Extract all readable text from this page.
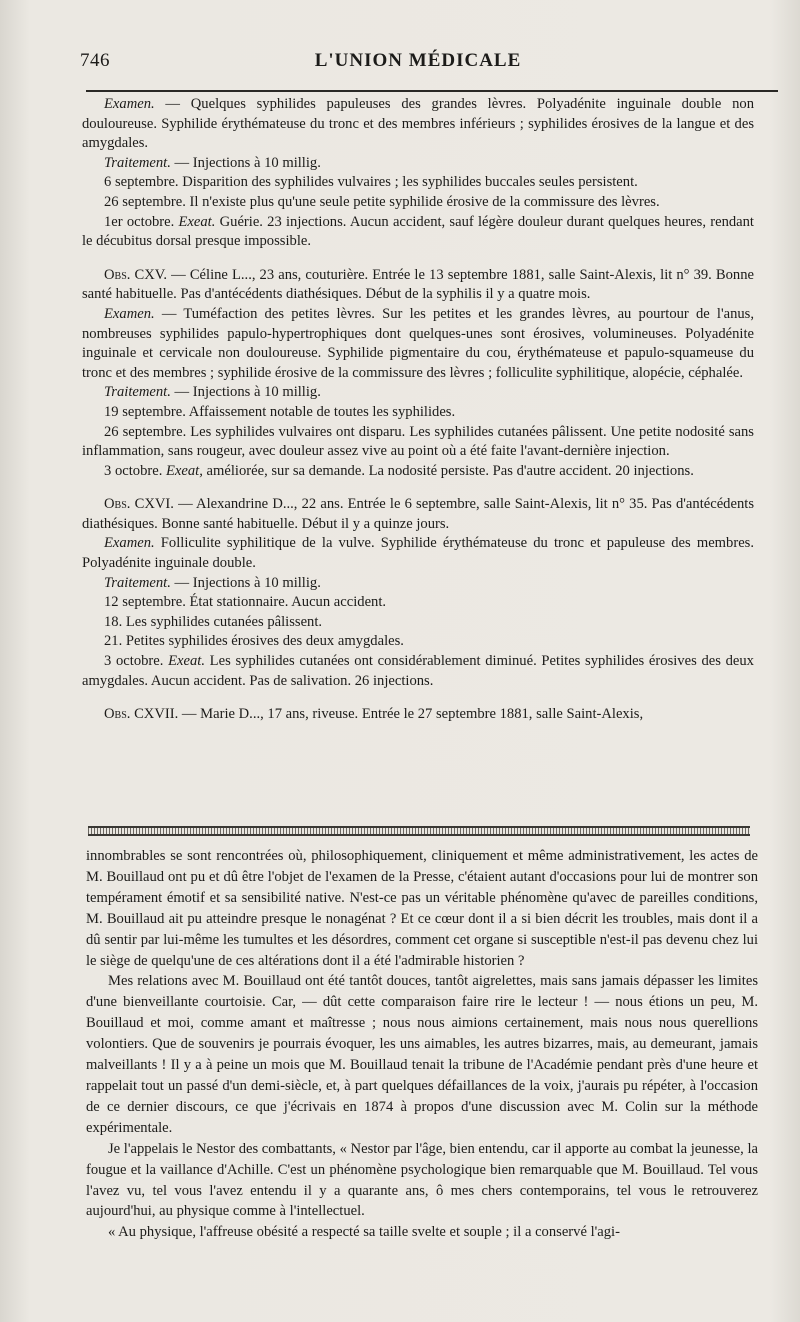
746	L'UNION MÉDICALE

Examen. — Quelques syphilides papuleuses des grandes lèvres. Polyadénite inguinale double non douloureuse. Syphilide érythémateuse du tronc et des membres inférieurs ; syphilides érosives de la langue et des amygdales.

Traitement. — Injections à 10 millig.

6 septembre. Disparition des syphilides vulvaires ; les syphilides buccales seules persistent.

26 septembre. Il n'existe plus qu'une seule petite syphilide érosive de la commissure des lèvres.

1er octobre. Exeat. Guérie. 23 injections. Aucun accident, sauf légère douleur durant quelques heures, rendant le décubitus dorsal presque impossible.

Obs. CXV. — Céline L..., 23 ans, couturière. Entrée le 13 septembre 1881, salle Saint-Alexis, lit n° 39. Bonne santé habituelle. Pas d'antécédents diathésiques. Début de la syphilis il y a quatre mois.

Examen. — Tuméfaction des petites lèvres. Sur les petites et les grandes lèvres, au pourtour de l'anus, nombreuses syphilides papulo-hypertrophiques dont quelques-unes sont érosives, volumineuses. Polyadénite inguinale et cervicale non douloureuse. Syphilide pigmentaire du cou, érythémateuse et papulo-squameuse du tronc et des membres ; syphilide érosive de la commissure des lèvres ; folliculite syphilitique, alopécie, céphalée.

Traitement. — Injections à 10 millig.

19 septembre. Affaissement notable de toutes les syphilides.

26 septembre. Les syphilides vulvaires ont disparu. Les syphilides cutanées pâlissent. Une petite nodosité sans inflammation, sans rougeur, avec douleur assez vive au point où a été faite l'avant-dernière injection.

3 octobre. Exeat, améliorée, sur sa demande. La nodosité persiste. Pas d'autre accident. 20 injections.

Obs. CXVI. — Alexandrine D..., 22 ans. Entrée le 6 septembre, salle Saint-Alexis, lit n° 35. Pas d'antécédents diathésiques. Bonne santé habituelle. Début il y a quinze jours.

Examen. Folliculite syphilitique de la vulve. Syphilide érythémateuse du tronc et papuleuse des membres. Polyadénite inguinale double.

Traitement. — Injections à 10 millig.

12 septembre. État stationnaire. Aucun accident.

18. Les syphilides cutanées pâlissent.

21. Petites syphilides érosives des deux amygdales.

3 octobre. Exeat. Les syphilides cutanées ont considérablement diminué. Petites syphilides érosives des deux amygdales. Aucun accident. Pas de salivation. 26 injections.

Obs. CXVII. — Marie D..., 17 ans, riveuse. Entrée le 27 septembre 1881, salle Saint-Alexis,

innombrables se sont rencontrées où, philosophiquement, cliniquement et même administrativement, les actes de M. Bouillaud ont pu et dû être l'objet de l'examen de la Presse, c'étaient autant d'occasions pour lui de montrer son tempérament émotif et sa sensibilité native. N'est-ce pas un véritable phénomène qu'avec de pareilles conditions, M. Bouillaud ait pu atteindre presque le nonagénat ? Et ce cœur dont il a si bien décrit les troubles, mais dont il a dû sentir par lui-même les tumultes et les désordres, comment cet organe si susceptible n'est-il pas devenu chez lui le siège de quelqu'une de ces altérations dont il a été l'admirable historien ?

Mes relations avec M. Bouillaud ont été tantôt douces, tantôt aigrelettes, mais sans jamais dépasser les limites d'une bienveillante courtoisie. Car, — dût cette comparaison faire rire le lecteur ! — nous étions un peu, M. Bouillaud et moi, comme amant et maîtresse ; nous nous aimions certainement, mais nous nous querellions volontiers. Que de souvenirs je pourrais évoquer, les uns aimables, les autres bizarres, mais, au demeurant, jamais malveillants ! Il y a à peine un mois que M. Bouillaud tenait la tribune de l'Académie pendant près d'une heure et rappelait tout un passé d'un demi-siècle, et, à part quelques défaillances de la voix, j'aurais pu répéter, à l'occasion de ce dernier discours, ce que j'écrivais en 1874 à propos d'une discussion avec M. Colin sur la méthode expérimentale.

Je l'appelais le Nestor des combattants, « Nestor par l'âge, bien entendu, car il apporte au combat la jeunesse, la fougue et la vaillance d'Achille. C'est un phénomène psychologique bien remarquable que M. Bouillaud. Tel vous l'avez vu, tel vous l'avez entendu il y a quarante ans, ô mes chers contemporains, tel vous le retrouverez aujourd'hui, au physique comme à l'intellectuel.

« Au physique, l'affreuse obésité a respecté sa taille svelte et souple ; il a conservé l'agi-
